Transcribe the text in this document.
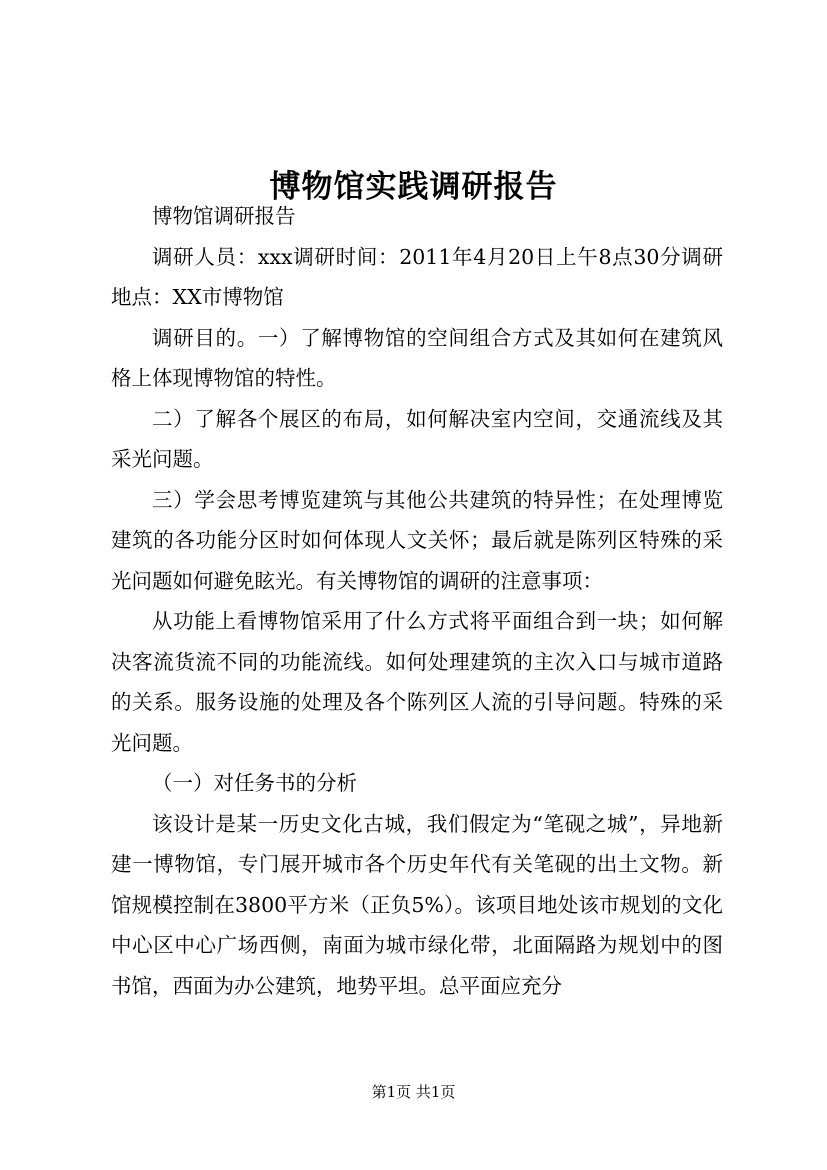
博物馆实践调研报告

博物馆调研报告

调研人员：xxx调研时间：2011年4月20日上午8点30分调研地点：XX市博物馆

调研目的。一）了解博物馆的空间组合方式及其如何在建筑风格上体现博物馆的特性。

二）了解各个展区的布局，如何解决室内空间，交通流线及其采光问题。

三）学会思考博览建筑与其他公共建筑的特异性；在处理博览建筑的各功能分区时如何体现人文关怀；最后就是陈列区特殊的采光问题如何避免眩光。有关博物馆的调研的注意事项：

从功能上看博物馆采用了什么方式将平面组合到一块；如何解决客流货流不同的功能流线。如何处理建筑的主次入口与城市道路的关系。服务设施的处理及各个陈列区人流的引导问题。特殊的采光问题。

（一）对任务书的分析

该设计是某一历史文化古城，我们假定为“笔砚之城”，异地新建一博物馆，专门展开城市各个历史年代有关笔砚的出土文物。新馆规模控制在3800平方米（正负5%）。该项目地处该市规划的文化中心区中心广场西侧，南面为城市绿化带，北面隔路为规划中的图书馆，西面为办公建筑，地势平坦。总平面应充分

第1页 共1页
